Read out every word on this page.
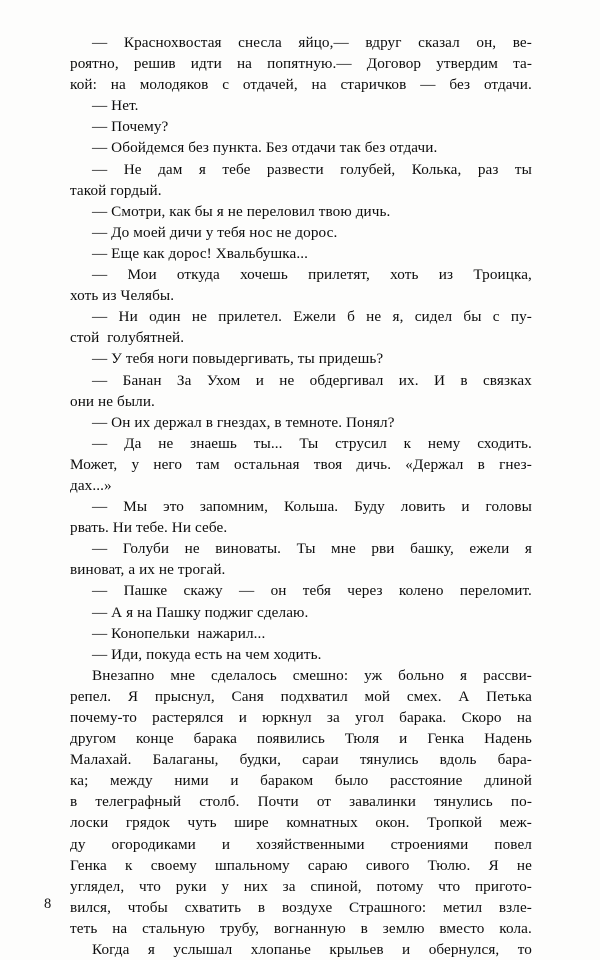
— Краснохвостая снесла яйцо,— вдруг сказал он, ве-
роятно, решив идти на попятную.— Договор утвердим та-
кой: на молодяков с отдачей, на старичков — без отдачи.
— Нет.
— Почему?
— Обойдемся без пункта. Без отдачи так без отдачи.
— Не дам я тебе развести голубей, Колька, раз ты
такой гордый.
— Смотри, как бы я не переловил твою дичь.
— До моей дичи у тебя нос не дорос.
— Еще как дорос! Хвальбушка...
— Мои откуда хочешь прилетят, хоть из Троицка,
хоть из Челябы.
— Ни один не прилетел. Ежели б не я, сидел бы с пу-
стой  голубятней.
— У тебя ноги повыдергивать, ты придешь?
— Банан За Ухом и не обдергивал их. И в связках
они не были.
— Он их держал в гнездах, в темноте. Понял?
— Да не знаешь ты... Ты струсил к нему сходить.
Может, у него там остальная твоя дичь. «Держал в гнез-
дах...»
— Мы это запомним, Кольша. Буду ловить и головы
рвать. Ни тебе. Ни себе.
— Голуби не виноваты. Ты мне рви башку, ежели я
виноват, а их не трогай.
— Пашке скажу — он тебя через колено переломит.
— А я на Пашку поджиг сделаю.
— Конопельки  нажарил...
— Иди, покуда есть на чем ходить.
Внезапно мне сделалось смешно: уж больно я рассви-
репел. Я прыснул, Саня подхватил мой смех. А Петька
почему-то растерялся и юркнул за угол барака. Скоро на
другом конце барака появились Тюля и Генка Надень
Малахай. Балаганы, будки, сараи тянулись вдоль бара-
ка; между ними и бараком было расстояние длиной
в телеграфный столб. Почти от завалинки тянулись по-
лоски грядок чуть шире комнатных окон. Тропкой меж-
ду огородиками и хозяйственными строениями повел
Генка к своему шпальному сараю сивого Тюлю. Я не
углядел, что руки у них за спиной, потому что пригото-
вился, чтобы схватить в воздухе Страшного: метил взле-
теть на стальную трубу, вогнанную в землю вместо кола.
Когда я услышал хлопанье крыльев и обернулся, то
8
